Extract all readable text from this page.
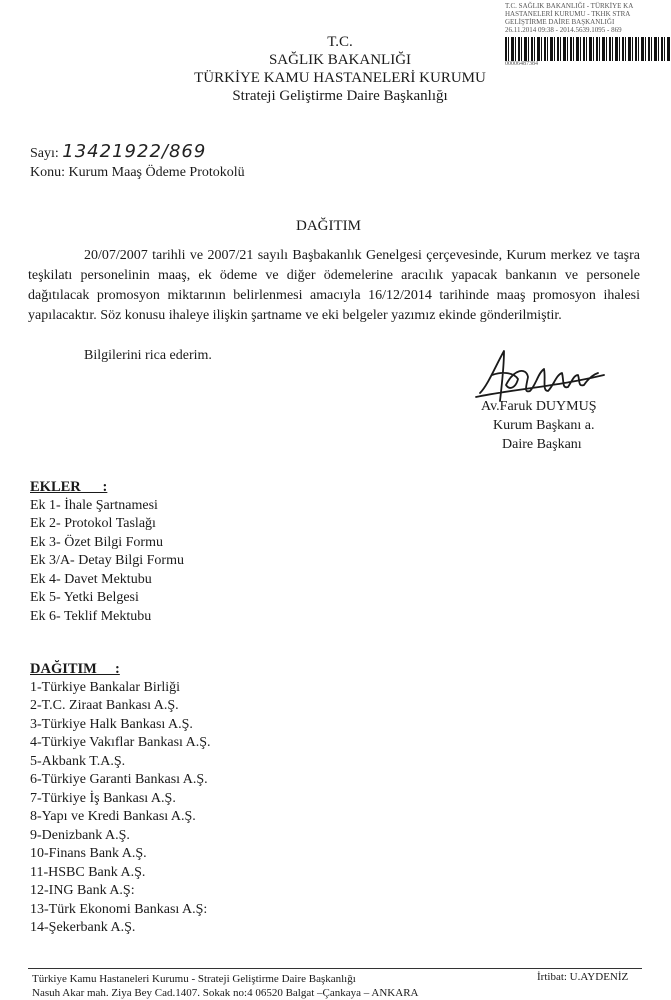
T.C. SAĞLIK BAKANLIĞI - TÜRKİYE KA
HASTANELERİ KURUMU - TKHK STRA
GELİŞTİRME DAİRE BAŞKANLIĞI
26.11.2014 09:38 - 2014.5639.1095 - 869
00006487384
T.C.
SAĞLIK BAKANLIĞI
TÜRKİYE KAMU HASTANELERİ KURUMU
Strateji Geliştirme Daire Başkanlığı
Sayı: 13421922/869
Konu: Kurum Maaş Ödeme Protokolü
DAĞITIM
20/07/2007 tarihli ve 2007/21 sayılı Başbakanlık Genelgesi çerçevesinde, Kurum merkez ve taşra teşkilatı personelinin maaş, ek ödeme ve diğer ödemelerine aracılık yapacak bankanın ve personele dağıtılacak promosyon miktarının belirlenmesi amacıyla 16/12/2014 tarihinde maaş promosyon ihalesi yapılacaktır. Söz konusu ihaleye ilişkin şartname ve eki belgeler yazımız ekinde gönderilmiştir.
Bilgilerini rica ederim.
Av.Faruk DUYMUŞ
Kurum Başkanı a.
Daire Başkanı
EKLER      :
Ek 1- İhale Şartnamesi
Ek 2- Protokol Taslağı
Ek 3- Özet Bilgi Formu
Ek 3/A- Detay Bilgi Formu
Ek 4- Davet Mektubu
Ek 5- Yetki Belgesi
Ek 6- Teklif Mektubu
DAĞITIM     :
1-Türkiye Bankalar Birliği
2-T.C. Ziraat Bankası A.Ş.
3-Türkiye Halk Bankası A.Ş.
4-Türkiye Vakıflar Bankası A.Ş.
5-Akbank T.A.Ş.
6-Türkiye Garanti Bankası A.Ş.
7-Türkiye İş Bankası A.Ş.
8-Yapı ve Kredi Bankası A.Ş.
9-Denizbank A.Ş.
10-Finans Bank A.Ş.
11-HSBC Bank A.Ş.
12-ING Bank A.Ş:
13-Türk Ekonomi Bankası A.Ş:
14-Şekerbank A.Ş.
Türkiye Kamu Hastaneleri Kurumu - Strateji Geliştirme Daire Başkanlığı
Nasuh Akar mah. Ziya Bey Cad.1407. Sokak no:4 06520 Balgat –Çankaya – ANKARA
İrtibat: U.AYDENİZ
